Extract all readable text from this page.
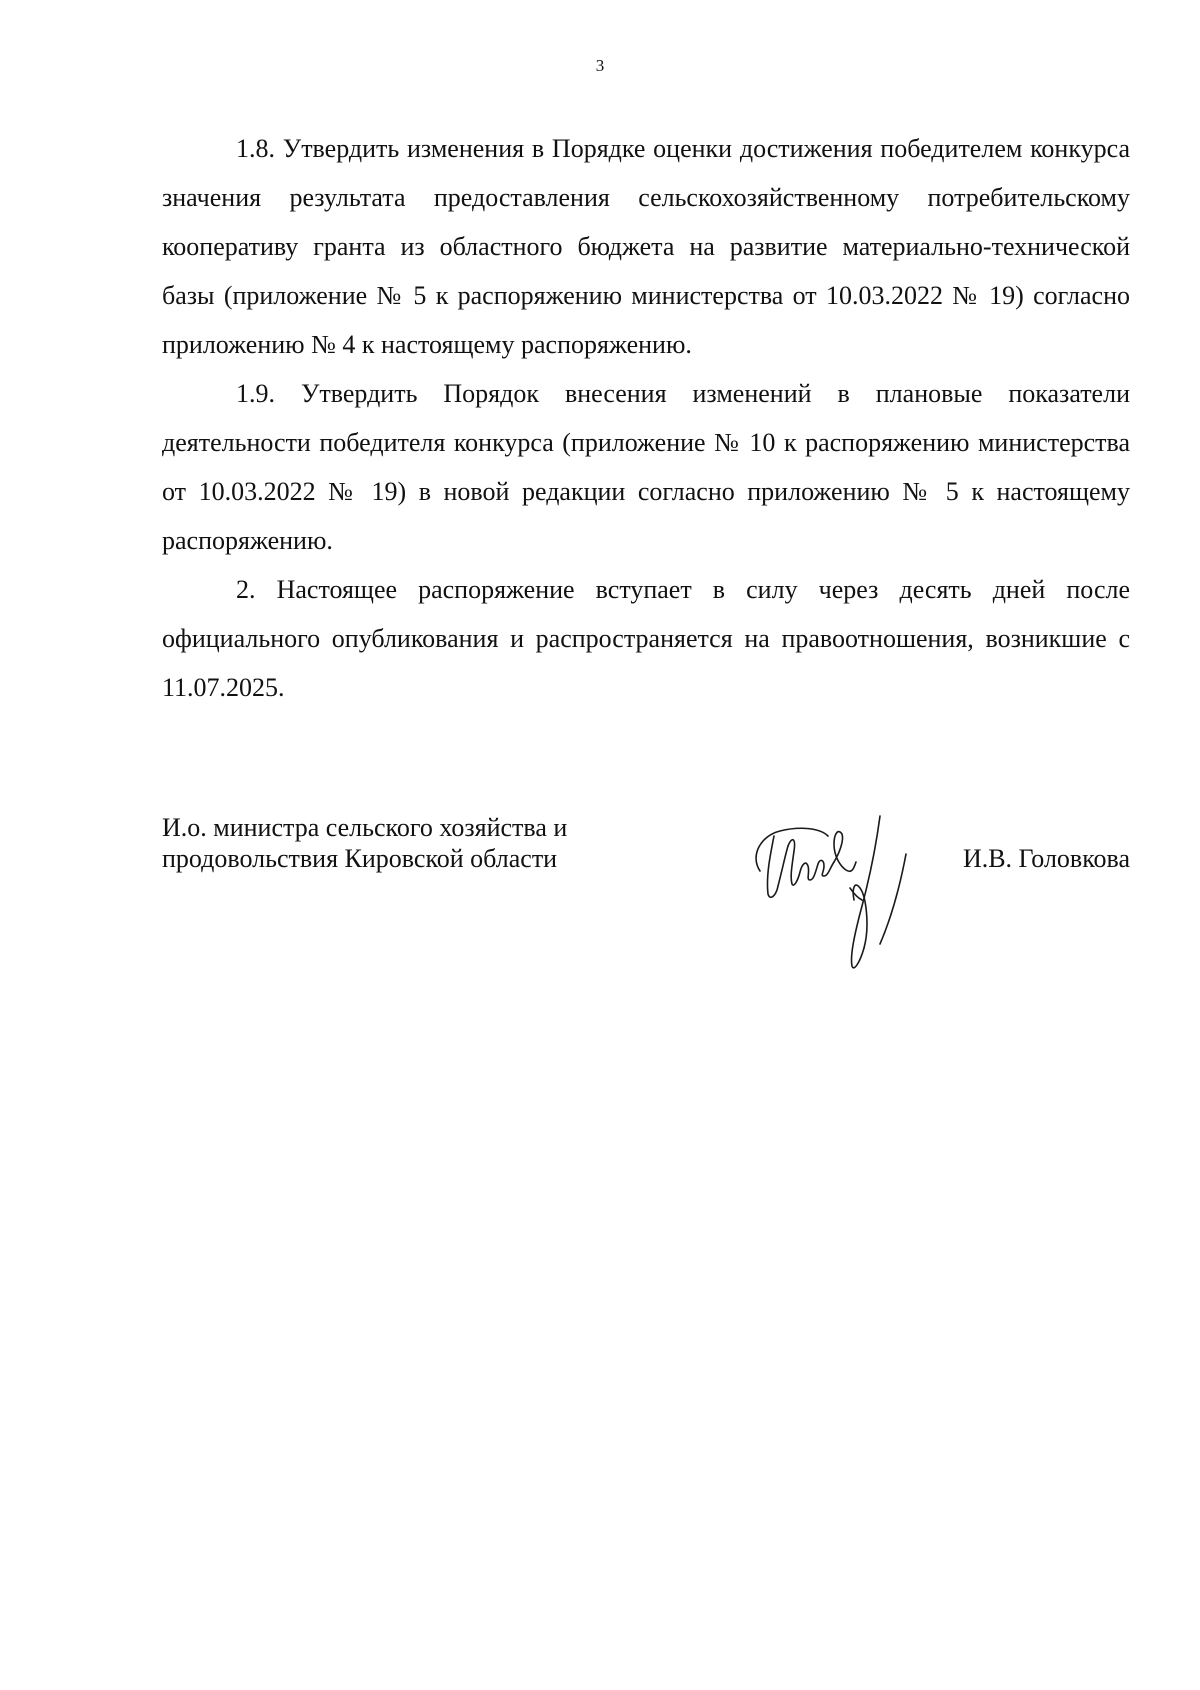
3

1.8. Утвердить изменения в Порядке оценки достижения победителем конкурса значения результата предоставления сельскохозяйственному потребительскому кооперативу гранта из областного бюджета на развитие материально-технической базы (приложение № 5 к распоряжению министерства от 10.03.2022 № 19) согласно приложению № 4 к настоящему распоряжению.

1.9. Утвердить Порядок внесения изменений в плановые показатели деятельности победителя конкурса (приложение № 10 к распоряжению министерства от 10.03.2022 № 19) в новой редакции согласно приложению № 5 к настоящему распоряжению.

2. Настоящее распоряжение вступает в силу через десять дней после официального опубликования и распространяется на правоотношения, возникшие с 11.07.2025.

И.о. министра сельского хозяйства и
продовольствия Кировской области	И.В. Головкова
